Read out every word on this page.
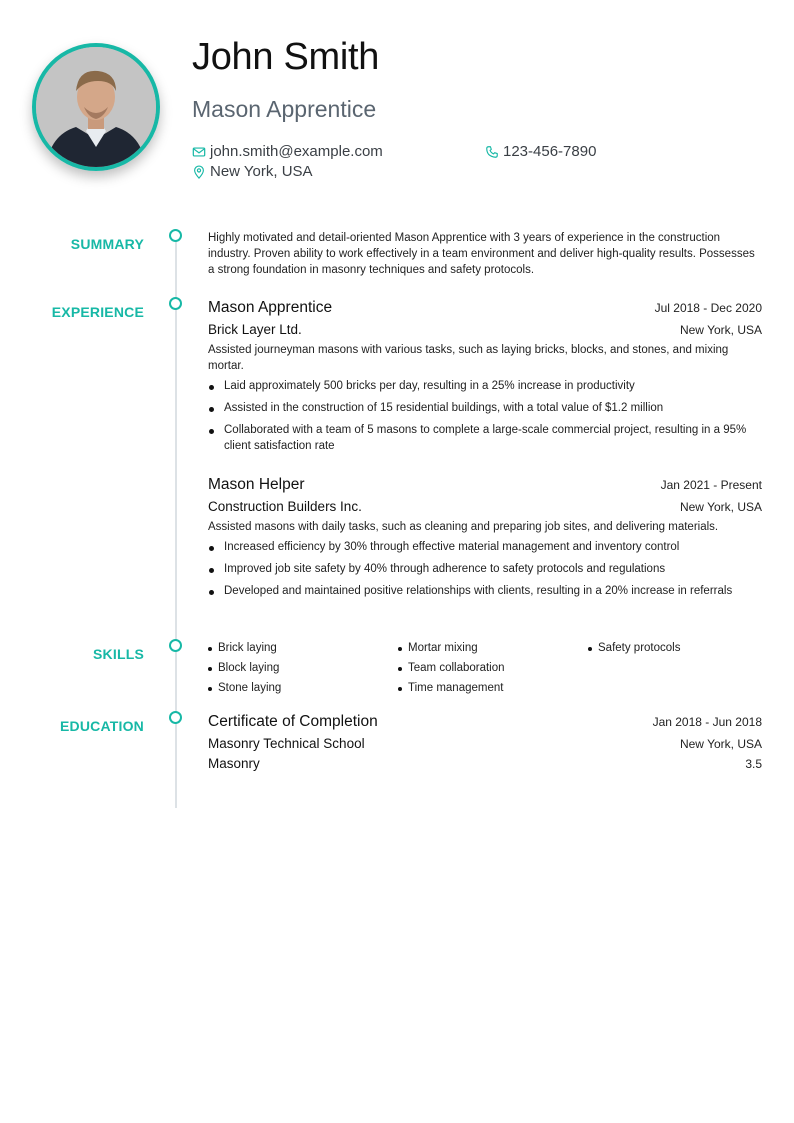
John Smith
Mason Apprentice
john.smith@example.com	123-456-7890
New York, USA
SUMMARY
EXPERIENCE
SKILLS
EDUCATION
Highly motivated and detail-oriented Mason Apprentice with 3 years of experience in the construction industry. Proven ability to work effectively in a team environment and deliver high-quality results. Possesses a strong foundation in masonry techniques and safety protocols.
Mason Apprentice	Jul 2018 - Dec 2020
Brick Layer Ltd.	New York, USA
Assisted journeyman masons with various tasks, such as laying bricks, blocks, and stones, and mixing mortar.
Laid approximately 500 bricks per day, resulting in a 25% increase in productivity
Assisted in the construction of 15 residential buildings, with a total value of $1.2 million
Collaborated with a team of 5 masons to complete a large-scale commercial project, resulting in a 95% client satisfaction rate
Mason Helper	Jan 2021 - Present
Construction Builders Inc.	New York, USA
Assisted masons with daily tasks, such as cleaning and preparing job sites, and delivering materials.
Increased efficiency by 30% through effective material management and inventory control
Improved job site safety by 40% through adherence to safety protocols and regulations
Developed and maintained positive relationships with clients, resulting in a 20% increase in referrals
Brick laying	Mortar mixing	Safety protocols
Block laying	Team collaboration
Stone laying	Time management
Certificate of Completion	Jan 2018 - Jun 2018
Masonry Technical School	New York, USA
Masonry	3.5
